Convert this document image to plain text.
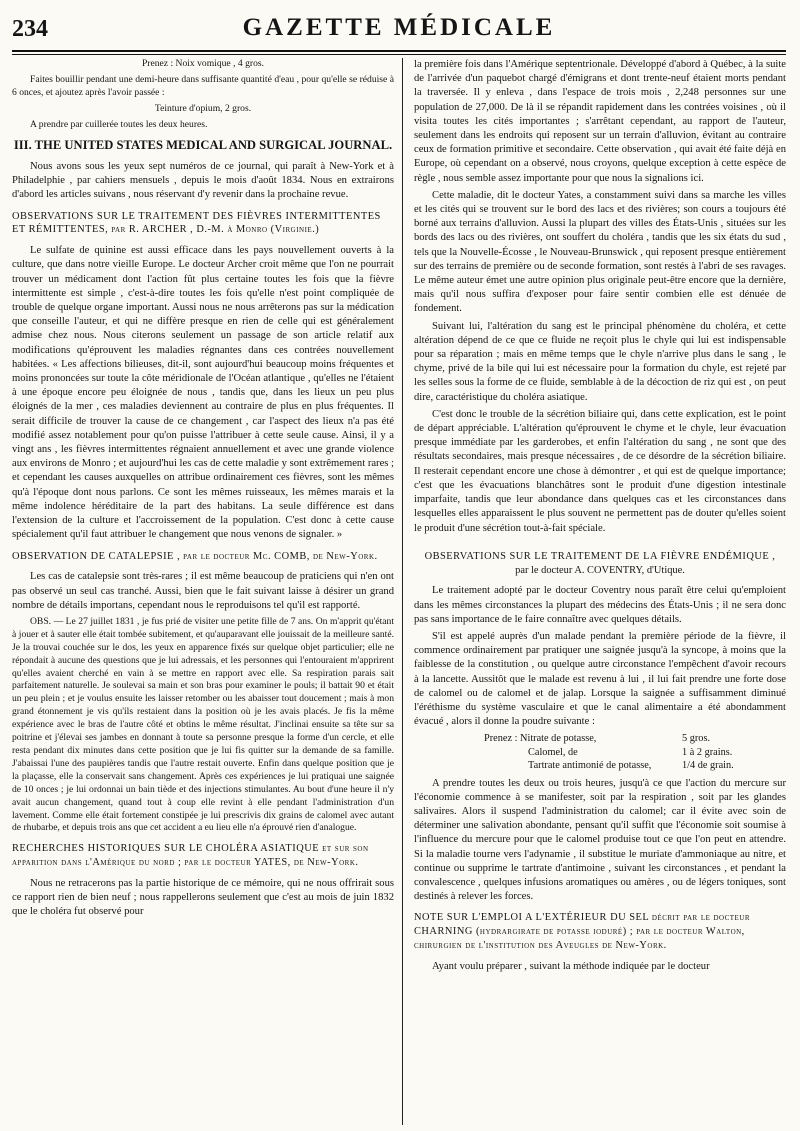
234	GAZETTE MÉDICALE

Prenez : Noix vomique , 4 gros.

Faites bouillir pendant une demi-heure dans suffisante quantité d'eau , pour qu'elle se réduise à 6 onces, et ajoutez après l'avoir passée :

Teinture d'opium, 2 gros.

A prendre par cuillerée toutes les deux heures.

III. THE UNITED STATES MEDICAL AND SURGICAL JOURNAL.

Nous avons sous les yeux sept numéros de ce journal, qui paraît à New-York et à Philadelphie , par cahiers mensuels , depuis le mois d'août 1834. Nous en extrairons d'abord les articles suivans , nous réservant d'y revenir dans la prochaine revue.

OBSERVATIONS SUR LE TRAITEMENT DES FIÈVRES INTERMITTENTES ET RÉMITTENTES, par R. ARCHER , D.-M. à Monro (Virginie.)

Le sulfate de quinine est aussi efficace dans les pays nouvellement ouverts à la culture, que dans notre vieille Europe. Le docteur Archer croit même que l'on ne pourrait trouver un médicament dont l'action fût plus certaine toutes les fois que la fièvre intermittente est simple , c'est-à-dire toutes les fois qu'elle n'est point compliquée de trouble de quelque organe important. Aussi nous ne nous arrêterons pas sur la médication que conseille l'auteur, et qui ne diffère presque en rien de celle qui est généralement admise chez nous. Nous citerons seulement un passage de son article relatif aux modifications qu'éprouvent les maladies régnantes dans ces contrées nouvellement habitées. « Les affections bilieuses, dit-il, sont aujourd'hui beaucoup moins fréquentes et moins prononcées sur toute la côte méridionale de l'Océan atlantique , qu'elles ne l'étaient à une époque encore peu éloignée de nous , tandis que, dans les lieux un peu plus éloignés de la mer , ces maladies deviennent au contraire de plus en plus fréquentes. Il serait difficile de trouver la cause de ce changement , car l'aspect des lieux n'a pas été modifié assez notablement pour qu'on puisse l'attribuer à cette seule cause. Ainsi, il y a vingt ans , les fièvres intermittentes régnaient annuellement et avec une grande violence aux environs de Monro ; et aujourd'hui les cas de cette maladie y sont extrêmement rares ; et cependant les causes auxquelles on attribue ordinairement ces fièvres, sont les mêmes qu'à l'époque dont nous parlons. Ce sont les mêmes ruisseaux, les mêmes marais et la même indolence héréditaire de la part des habitans. La seule différence est dans l'extension de la culture et l'accroissement de la population. C'est donc à cette cause spécialement qu'il faut attribuer le changement que nous venons de signaler. »

OBSERVATION DE CATALEPSIE , par le docteur Mc. COMB, de New-York.

Les cas de catalepsie sont très-rares ; il est même beaucoup de praticiens qui n'en ont pas observé un seul cas tranché. Aussi, bien que le fait suivant laisse à désirer un grand nombre de détails importans, cependant nous le reproduisons tel qu'il est rapporté.

OBS. — Le 27 juillet 1831 , je fus prié de visiter une petite fille de 7 ans. On m'apprit qu'étant à jouer et à sauter elle était tombée subitement, et qu'auparavant elle jouissait de la meilleure santé. Je la trouvai couchée sur le dos, les yeux en apparence fixés sur quelque objet particulier; elle ne répondait à aucune des questions que je lui adressais, et les personnes qui l'entouraient m'apprirent qu'elles avaient cherché en vain à se mettre en rapport avec elle. Sa respiration parais sait parfaitement naturelle. Je soulevai sa main et son bras pour examiner le pouls; il battait 90 et était un peu plein ; et je voulus ensuite les laisser retomber ou les abaisser tout doucement ; mais à mon grand étonnement je vis qu'ils restaient dans la position où je les avais placés. Je fis la même expérience avec le bras de l'autre côté et obtins le même résultat. J'inclinai ensuite sa tête sur sa poitrine et j'élevai ses jambes en donnant à toute sa personne presque la forme d'un cercle, et elle resta pendant dix minutes dans cette position que je lui fis quitter sur la demande de sa famille. J'abaissai l'une des paupières tandis que l'autre restait ouverte. Enfin dans quelque position que je la plaçasse, elle la conservait sans changement. Après ces expériences je lui pratiquai une saignée de 10 onces ; je lui ordonnai un bain tiède et des injections stimulantes. Au bout d'une heure il n'y avait aucun changement, quand tout à coup elle revint à elle pendant l'administration d'un lavement. Comme elle était fortement constipée je lui prescrivis dix grains de calomel avec autant de rhubarbe, et depuis trois ans que cet accident a eu lieu elle n'a éprouvé rien d'analogue.

RECHERCHES HISTORIQUES SUR LE CHOLÉRA ASIATIQUE et sur son apparition dans l'Amérique du nord ; par le docteur YATES, de New-York.

Nous ne retracerons pas la partie historique de ce mémoire, qui ne nous offrirait sous ce rapport rien de bien neuf ; nous rappellerons seulement que c'est au mois de juin 1832 que le choléra fut observé pour

la première fois dans l'Amérique septentrionale. Développé d'abord à Québec, à la suite de l'arrivée d'un paquebot chargé d'émigrans et dont trente-neuf étaient morts pendant la traversée. Il y enleva , dans l'espace de trois mois , 2,248 personnes sur une population de 27,000. De là il se répandit rapidement dans les contrées voisines , où il visita toutes les cités importantes ; s'arrêtant cependant, au rapport de l'auteur, seulement dans les endroits qui reposent sur un terrain d'alluvion, évitant au contraire ceux de formation primitive et secondaire. Cette observation , qui avait été faite déjà en Europe, où cependant on a observé, nous croyons, quelque exception à cette espèce de règle , nous semble assez importante pour que nous la signalions ici.

Cette maladie, dit le docteur Yates, a constamment suivi dans sa marche les villes et les cités qui se trouvent sur le bord des lacs et des rivières; son cours a toujours été borné aux terrains d'alluvion. Aussi la plupart des villes des États-Unis , situées sur les bords des lacs ou des rivières, ont souffert du choléra , tandis que les six états du sud , tels que la Nouvelle-Écosse , le Nouveau-Brunswick , qui reposent presque entièrement sur des terrains de première ou de seconde formation, sont restés à l'abri de ses ravages. Le même auteur émet une autre opinion plus originale peut-être encore que la dernière, mais qu'il nous suffira d'exposer pour faire sentir combien elle est dénuée de fondement.

Suivant lui, l'altération du sang est le principal phénomène du choléra, et cette altération dépend de ce que ce fluide ne reçoit plus le chyle qui lui est indispensable pour sa réparation ; mais en même temps que le chyle n'arrive plus dans le sang , le chyme, privé de la bile qui lui est nécessaire pour la formation du chyle, est rejeté par les selles sous la forme de ce fluide, semblable à de la décoction de riz qui est , on peut dire, caractéristique du choléra asiatique.

C'est donc le trouble de la sécrétion biliaire qui, dans cette explication, est le point de départ appréciable. L'altération qu'éprouvent le chyme et le chyle, leur évacuation presque immédiate par les garderobes, et enfin l'altération du sang , ne sont que des résultats secondaires, mais presque nécessaires , de ce désordre de la sécrétion biliaire. Il resterait cependant encore une chose à démontrer , et qui est de quelque importance; c'est que les évacuations blanchâtres sont le produit d'une digestion intestinale imparfaite, tandis que leur abondance dans quelques cas et les circonstances dans lesquelles elles apparaissent le plus souvent ne permettent pas de douter qu'elles soient le produit d'une sécrétion tout-à-fait spéciale.

OBSERVATIONS SUR LE TRAITEMENT DE LA FIÈVRE ENDÉMIQUE ,
par le docteur A. COVENTRY, d'Utique.

Le traitement adopté par le docteur Coventry nous paraît être celui qu'emploient dans les mêmes circonstances la plupart des médecins des États-Unis ; il ne sera donc pas sans importance de le faire connaître avec quelques détails.

S'il est appelé auprès d'un malade pendant la première période de la fièvre, il commence ordinairement par pratiquer une saignée jusqu'à la syncope, à moins que la faiblesse de la constitution , ou quelque autre circonstance l'empêchent d'avoir recours à la lancette. Aussitôt que le malade est revenu à lui , il lui fait prendre une forte dose de calomel ou de calomel et de jalap. Lorsque la saignée a suffisamment diminué l'éréthisme du système vasculaire et que le canal alimentaire a été abondamment évacué , alors il donne la poudre suivante :

Prenez : Nitrate de potasse,	5 gros.
Calomel, de	1 à 2 grains.
Tartrate antimonié de potasse,	1/4 de grain.

A prendre toutes les deux ou trois heures, jusqu'à ce que l'action du mercure sur l'économie commence à se manifester, soit par la respiration , soit par les glandes salivaires. Alors il suspend l'administration du calomel; car il évite avec soin de déterminer une salivation abondante, pensant qu'il suffit que l'économie soit soumise à l'influence du mercure pour que le calomel produise tout ce que l'on peut en attendre. Si la maladie tourne vers l'adynamie , il substitue le muriate d'ammoniaque au nitre, et continue ou supprime le tartrate d'antimoine , suivant les circonstances , et pendant la convalescence , quelques infusions aromatiques ou amères , ou de légers toniques, sont destinés à relever les forces.

NOTE SUR L'EMPLOI A L'EXTÉRIEUR DU SEL décrit par le docteur CHARNING (hydrargirate de potasse ioduré) ; par le docteur Walton, chirurgien de l'institution des Aveugles de New-York.

Ayant voulu préparer , suivant la méthode indiquée par le docteur
